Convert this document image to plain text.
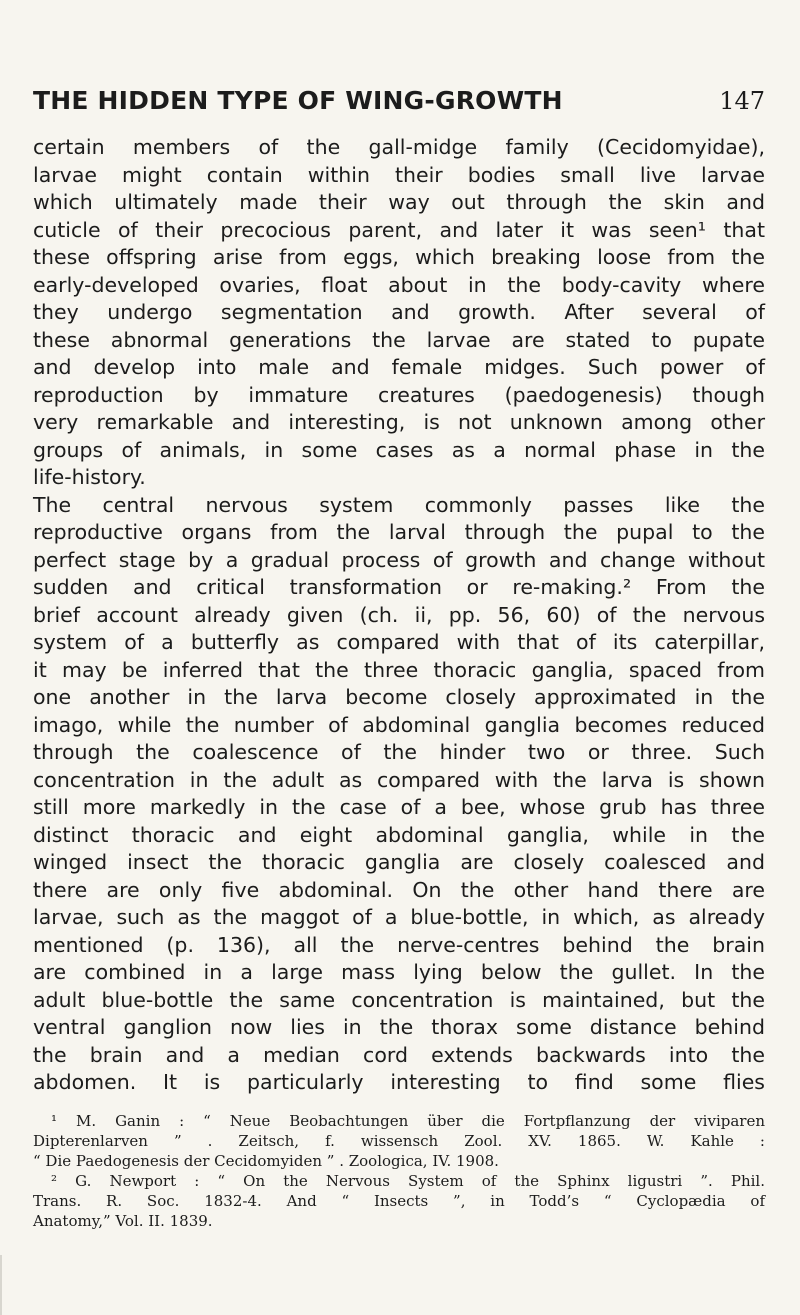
THE HIDDEN TYPE OF WING-GROWTH	147
certain members of the gall-midge family (Cecidomyidae),
larvae might contain within their bodies small live larvae
which ultimately made their way out through the skin and
cuticle of their precocious parent, and later it was seen¹ that
these offspring arise from eggs, which breaking loose from the
early-developed ovaries, float about in the body-cavity where
they undergo segmentation and growth. After several of
these abnormal generations the larvae are stated to pupate
and develop into male and female midges. Such power of
reproduction by immature creatures (paedogenesis) though
very remarkable and interesting, is not unknown among other
groups of animals, in some cases as a normal phase in the
life-history.
The central nervous system commonly passes like the
reproductive organs from the larval through the pupal to the
perfect stage by a gradual process of growth and change without
sudden and critical transformation or re-making.² From the
brief account already given (ch. ii, pp. 56, 60) of the nervous
system of a butterfly as compared with that of its caterpillar,
it may be inferred that the three thoracic ganglia, spaced from
one another in the larva become closely approximated in the
imago, while the number of abdominal ganglia becomes reduced
through the coalescence of the hinder two or three. Such
concentration in the adult as compared with the larva is shown
still more markedly in the case of a bee, whose grub has three
distinct thoracic and eight abdominal ganglia, while in the
winged insect the thoracic ganglia are closely coalesced and
there are only five abdominal. On the other hand there are
larvae, such as the maggot of a blue-bottle, in which, as already
mentioned (p. 136), all the nerve-centres behind the brain
are combined in a large mass lying below the gullet. In the
adult blue-bottle the same concentration is maintained, but the
ventral ganglion now lies in the thorax some distance behind
the brain and a median cord extends backwards into the
abdomen. It is particularly interesting to find some flies
¹ M. Ganin : “ Neue Beobachtungen über die Fortpflanzung der viviparen
Dipterenlarven ” . Zeitsch, f. wissensch Zool. XV. 1865. W. Kahle :
“ Die Paedogenesis der Cecidomyiden ” . Zoologica, IV. 1908.
² G. Newport : “ On the Nervous System of the Sphinx ligustri ”. Phil.
Trans. R. Soc. 1832-4. And “ Insects ”, in Todd’s “ Cyclopædia of
Anatomy,” Vol. II. 1839.
